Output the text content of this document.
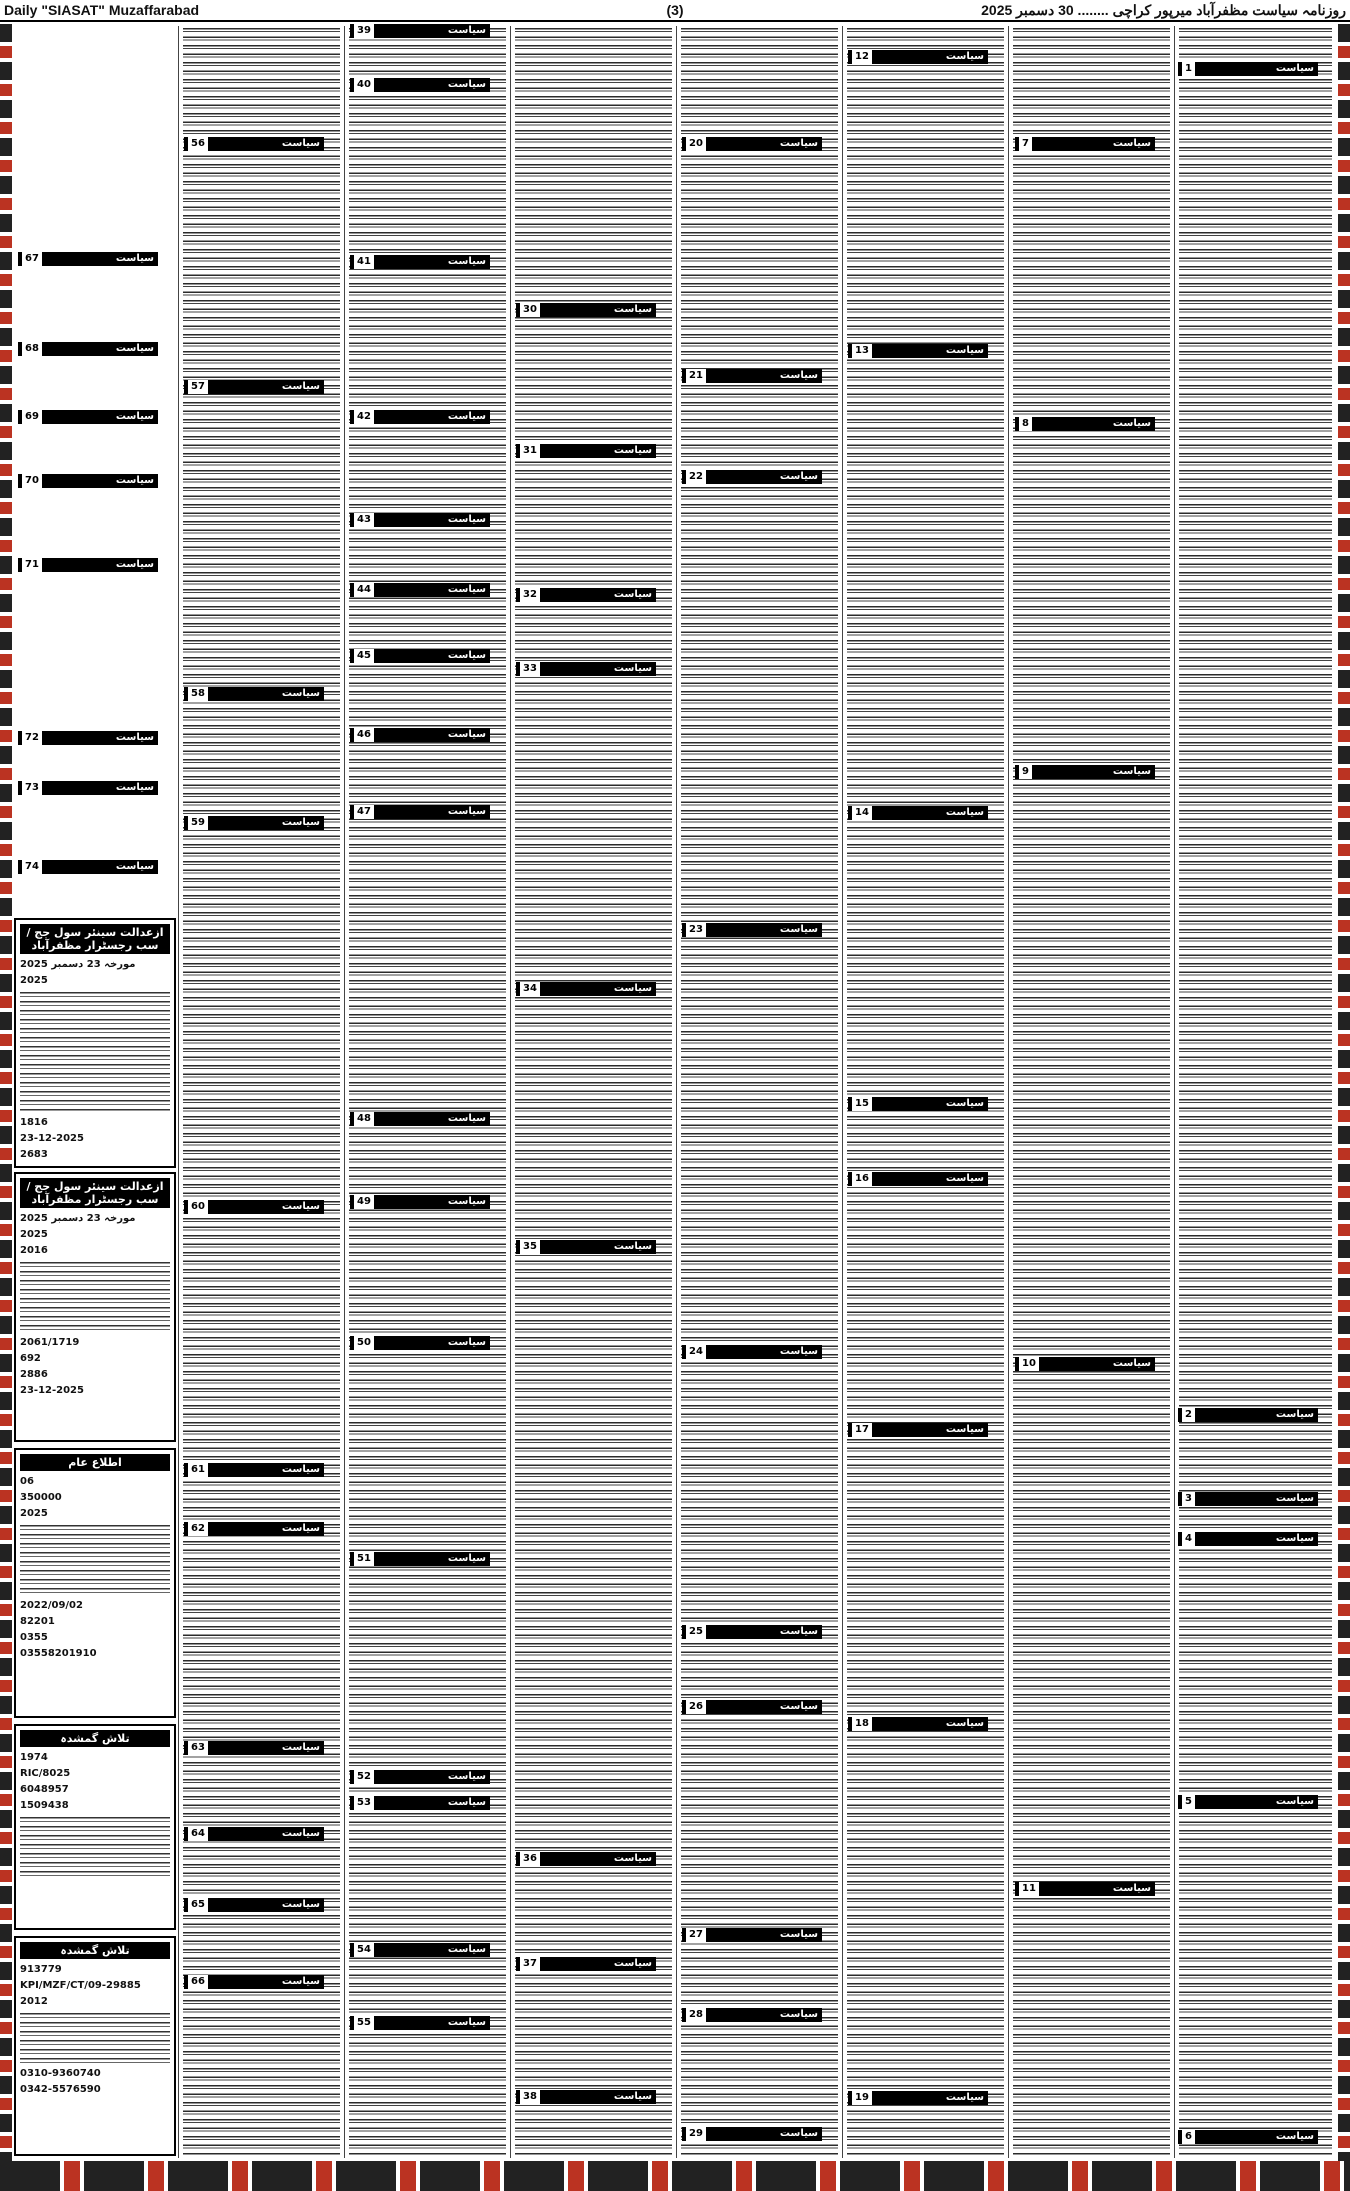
Daily "SIASAT" Muzaffarabad	(3)	روزنامہ سیاست مظفرآباد میرپور کراچی ........ 30 دسمبر 2025
سیاست
1
سیاست
2
سیاست
3
سیاست
4
سیاست
5
سیاست
6
سیاست
7
سیاست
8
سیاست
9
سیاست
10
سیاست
11
سیاست
12
سیاست
13
سیاست
14
سیاست
15
سیاست
16
سیاست
17
سیاست
18
سیاست
19
سیاست
20
سیاست
21
سیاست
22
سیاست
23
سیاست
24
سیاست
25
سیاست
26
سیاست
27
سیاست
28
سیاست
29
سیاست
30
سیاست
31
سیاست
32
سیاست
33
سیاست
34
سیاست
35
سیاست
36
سیاست
37
سیاست
38
سیاست
39
سیاست
40
سیاست
41
سیاست
42
سیاست
43
سیاست
44
سیاست
45
سیاست
46
سیاست
47
سیاست
48
سیاست
49
سیاست
50
سیاست
51
سیاست
52
سیاست
53
سیاست
54
سیاست
55
سیاست
56
سیاست
57
سیاست
58
سیاست
59
سیاست
60
سیاست
61
سیاست
62
سیاست
63
سیاست
64
سیاست
65
سیاست
66
سیاست
67
سیاست
68
سیاست
69
سیاست
70
سیاست
71
سیاست
72
سیاست
73
سیاست
74
ازعدالت سینئر سول جج / سب رجسٹرار مظفرآباد

مورخہ 23 دسمبر 2025

2025

1816

23-12-2025

2683

ازعدالت سینئر سول جج / سب رجسٹرار مظفرآباد

مورخہ 23 دسمبر 2025

2025

2016

2061/1719

692

2886

23-12-2025

اطلاع عام

06

350000

2025

2022/09/02

82201

0355

03558201910

تلاش گمشدہ

1974

RIC/8025

6048957

1509438

تلاش گمشدہ

913779

KPI/MZF/CT/09-29885

2012

0310-9360740

0342-5576590
